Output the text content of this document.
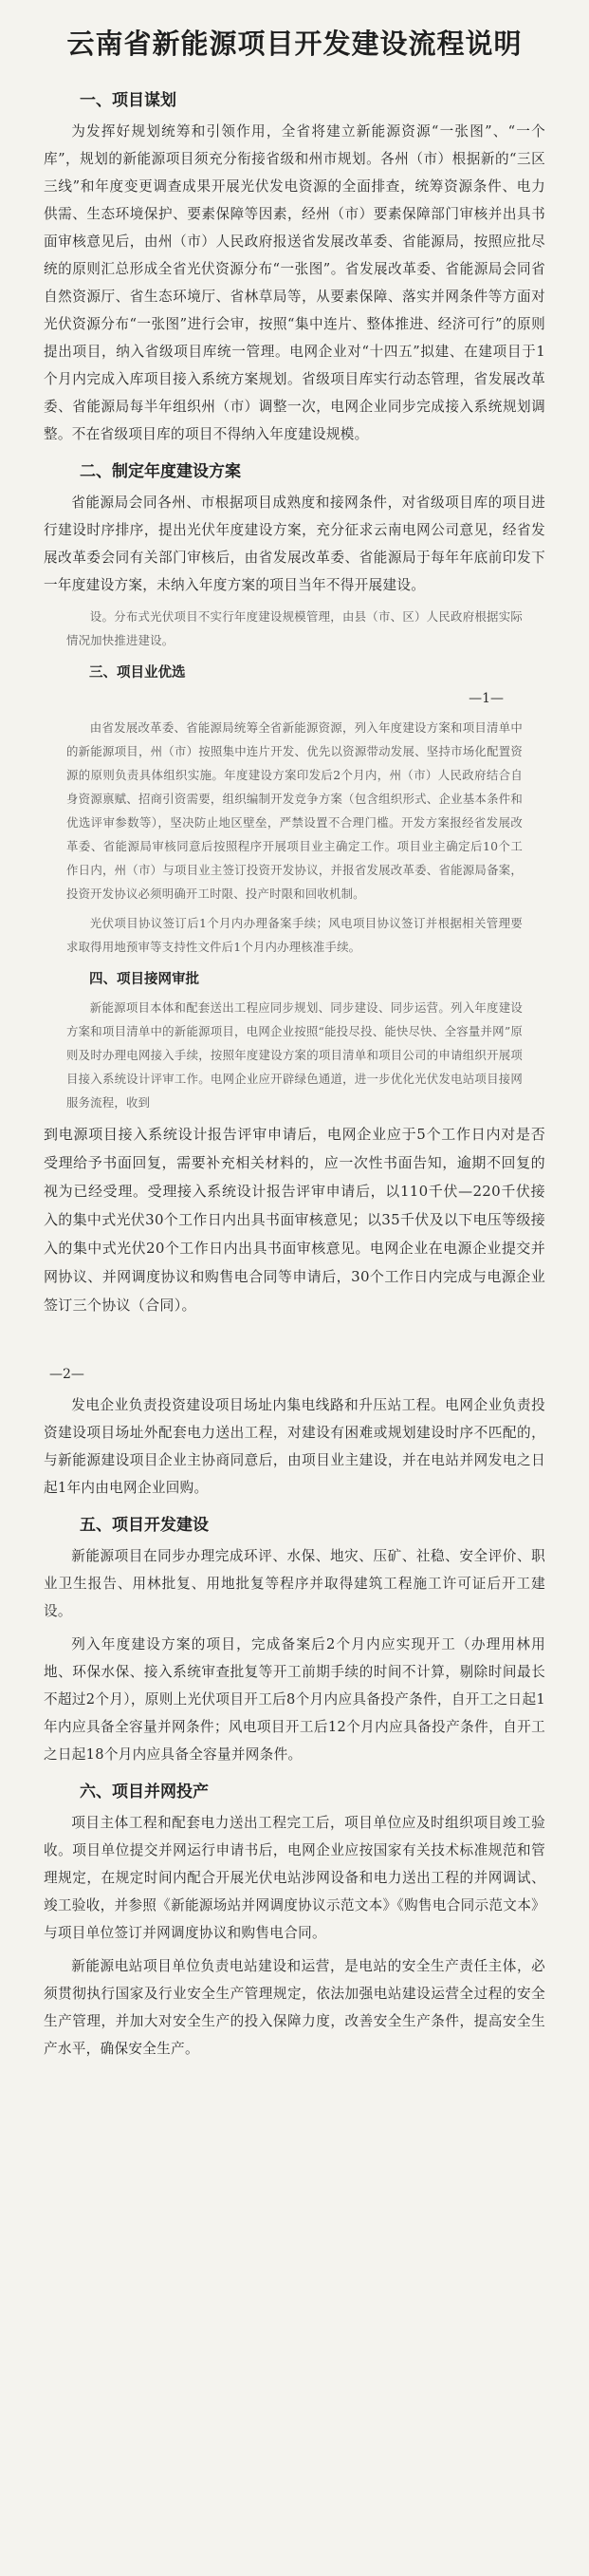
云南省新能源项目开发建设流程说明
一、项目谋划

为发挥好规划统筹和引领作用，全省将建立新能源资源“一张图”、“一个库”，规划的新能源项目须充分衔接省级和州市规划。各州（市）根据新的“三区三线”和年度变更调查成果开展光伏发电资源的全面排查，统筹资源条件、电力供需、生态环境保护、要素保障等因素，经州（市）要素保障部门审核并出具书面审核意见后，由州（市）人民政府报送省发展改革委、省能源局，按照应批尽统的原则汇总形成全省光伏资源分布“一张图”。省发展改革委、省能源局会同省自然资源厅、省生态环境厅、省林草局等，从要素保障、落实并网条件等方面对光伏资源分布“一张图”进行会审，按照“集中连片、整体推进、经济可行”的原则提出项目，纳入省级项目库统一管理。电网企业对“十四五”拟建、在建项目于1个月内完成入库项目接入系统方案规划。省级项目库实行动态管理，省发展改革委、省能源局每半年组织州（市）调整一次，电网企业同步完成接入系统规划调整。不在省级项目库的项目不得纳入年度建设规模。

二、制定年度建设方案

省能源局会同各州、市根据项目成熟度和接网条件，对省级项目库的项目进行建设时序排序，提出光伏年度建设方案，充分征求云南电网公司意见，经省发展改革委会同有关部门审核后，由省发展改革委、省能源局于每年年底前印发下一年度建设方案，未纳入年度方案的项目当年不得开展建设。

设。分布式光伏项目不实行年度建设规模管理，由县（市、区）人民政府根据实际情况加快推进建设。

三、项目业优选
—1—

由省发展改革委、省能源局统筹全省新能源资源，列入年度建设方案和项目清单中的新能源项目，州（市）按照集中连片开发、优先以资源带动发展、坚持市场化配置资源的原则负责具体组织实施。年度建设方案印发后2个月内，州（市）人民政府结合自身资源禀赋、招商引资需要，组织编制开发竞争方案（包含组织形式、企业基本条件和优选评审参数等），坚决防止地区壁垒，严禁设置不合理门槛。开发方案报经省发展改革委、省能源局审核同意后按照程序开展项目业主确定工作。项目业主确定后10个工作日内，州（市）与项目业主签订投资开发协议，并报省发展改革委、省能源局备案，投资开发协议必须明确开工时限、投产时限和回收机制。

光伏项目协议签订后1个月内办理备案手续；风电项目协议签订并根据相关管理要求取得用地预审等支持性文件后1个月内办理核准手续。

四、项目接网审批

新能源项目本体和配套送出工程应同步规划、同步建设、同步运营。列入年度建设方案和项目清单中的新能源项目，电网企业按照“能投尽投、能快尽快、全容量并网”原则及时办理电网接入手续，按照年度建设方案的项目清单和项目公司的申请组织开展项目接入系统设计评审工作。电网企业应开辟绿色通道，进一步优化光伏发电站项目接网服务流程，收到

到电源项目接入系统设计报告评审申请后，电网企业应于5个工作日内对是否受理给予书面回复，需要补充相关材料的，应一次性书面告知，逾期不回复的视为已经受理。受理接入系统设计报告评审申请后，以110千伏—220千伏接入的集中式光伏30个工作日内出具书面审核意见；以35千伏及以下电压等级接入的集中式光伏20个工作日内出具书面审核意见。电网企业在电源企业提交并网协议、并网调度协议和购售电合同等申请后，30个工作日内完成与电源企业签订三个协议（合同）。

—2—

发电企业负责投资建设项目场址内集电线路和升压站工程。电网企业负责投资建设项目场址外配套电力送出工程，对建设有困难或规划建设时序不匹配的，与新能源建设项目企业主协商同意后，由项目业主建设，并在电站并网发电之日起1年内由电网企业回购。

五、项目开发建设

新能源项目在同步办理完成环评、水保、地灾、压矿、社稳、安全评价、职业卫生报告、用林批复、用地批复等程序并取得建筑工程施工许可证后开工建设。

列入年度建设方案的项目，完成备案后2个月内应实现开工（办理用林用地、环保水保、接入系统审查批复等开工前期手续的时间不计算，剔除时间最长不超过2个月），原则上光伏项目开工后8个月内应具备投产条件，自开工之日起1年内应具备全容量并网条件；风电项目开工后12个月内应具备投产条件，自开工之日起18个月内应具备全容量并网条件。

六、项目并网投产

项目主体工程和配套电力送出工程完工后，项目单位应及时组织项目竣工验收。项目单位提交并网运行申请书后，电网企业应按国家有关技术标准规范和管理规定，在规定时间内配合开展光伏电站涉网设备和电力送出工程的并网调试、竣工验收，并参照《新能源场站并网调度协议示范文本》《购售电合同示范文本》与项目单位签订并网调度协议和购售电合同。

新能源电站项目单位负责电站建设和运营，是电站的安全生产责任主体，必须贯彻执行国家及行业安全生产管理规定，依法加强电站建设运营全过程的安全生产管理，并加大对安全生产的投入保障力度，改善安全生产条件，提高安全生产水平，确保安全生产。
